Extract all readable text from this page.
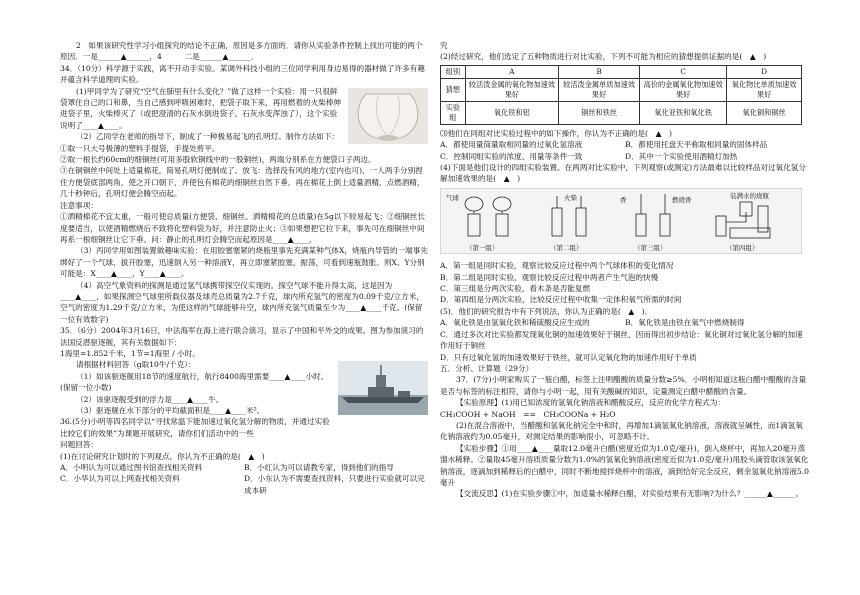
2　如果该研究性学习小组探究的结论不正确，原因是多方面的．请你从实验条件控制上找出可能的两个原因．一是______▲______，4　　　二是______▲______．

34．（10分）科学源于实践，离不开动手实验。某调外科技小组的三位同学利用身边易得的器材做了许多有趣并蕴含科学道理的实验。

(1)甲同学为了研究“空气在肺里有什么变化？”做了这样一个实验：用一只很鲜袋罩住自己的口和鼻，当自己感到呼吸困难时，把袋子取下来，再用燃着的火柴棒伸进袋子里，火柴棒灭了（或把澄清的石灰水倒进袋子，石灰水变浑浊了），这个实验说明了____▲____。

（2）乙同学在老师的指导下，制成了一种极易起飞的孔明灯。制作方法如下：

①取一只大号极薄的塑料手提袋，手提处剪平。

②取一根长约60cm的细铜丝(可用多股软铜线中的一股铜丝)，两端分别系在方便袋口子两边。

③在铜铜丝中间处上适量棉花，简易孔明灯便制成了。放飞：选择没有风的地方(室内也可)，一人两手分别捏住方便袋底部两角，使之开口朝下，并使包有棉花的细铜丝自然下垂。再在棉花上倒上适量酒精，点燃酒精，几十秒钟后，孔明灯便会腾空而起。

注意事项：

①洒精棉花不宜太重，一般可使总质量(方便袋、细铜丝、洒精棉花的总质量)在5g以下较易起飞；②细铜丝长度要适当，以使酒精燃烧后不致将化塑料袋为好，并注意防止火；③如果想把它拉下来，事先可在细铜丝中间再系一根细铜丝让它下垂。问：静止的孔明灯会腾空而起原因是____▲____，

（3）丙同学用如图装置做趣味实验：在用胶塞塞紧的烧瓶里事先充满某种气体X，烧瓶内导管的一端事先绑好了一个气球，拔开胶塞，迅速倒入另一种溶液Y，再立即塞紧胶塞，振荡，可看到速瓶鼓胀。则X、Y分别可能是：X____▲____，Y____▲____。

（4）高空气象资料的探测是通过氢气球携带探空仪实现的。探空气球不能升得太高，这是因为____▲____，如果探测空气球里所载仪器及球壳总质量为2.7千克，球内所充氢气的密度为0.09千克/立方米，空气的密度为1.29千克/立方米，为使这样的气球能够升空，球内所充氢气质量至少为____▲____千克。(保留一位有效数字)

35．（6分）2004年3月16日，中法海军在海上进行联合演习，显示了中国和平外交的成果。图为参加演习的法国反潜驱逐舰，其有关数据如下：

1海里=1.852千米，1节=1海里 / 小时。

请根据材料回答（g取10牛/千克）：

（1）如该驱逐舰用18节的速度航行，航行8400海里需要____▲____小时。(保留一位小数)

（2）该驱逐舰受到的浮力是____▲____牛。

（3）驱逐舰在水下部分的平均截面积是____▲____米²。

36.(5分)小明等四名同学以“寻找常温下能加速过氧化氢分解的物质，并通过实验比较它们的效果”为课题开展研究，请你们们活动中的一些

问题回答：

(1)在讨论研究计划时的下列观点，你认为不正确的是(　▲　)

A．小明认为可以通过图书馆查找相关资料	B．小红认为可以请教专家，得到他们的指导
C．小华认为可以上网查找相关资料	D．小东认为不需要查找资料，只要进行实验就可以完成本研

究

(2)经过研究，他们选定了五种物质进行对比实验，下列不可能为相应的猜想提供证据的是(　▲　)

组别	A	B	C	D
猜想	较活泼金属的氧化物加速效果好	较活泼金属单质加速效果好	高价的金属氧化物加速效果好	氧化物比单质加速效果好
实验组	氧化铁和铝	铜丝和铁丝	氧化亚铁和氧化铁	氧化铜和铜丝

⑶他们在同组对比实验过程中的如下操作，你认为不正确的是(　▲　)

A．都使用量筒量取相同量的过氧化氢溶液	B．都使用托盘天平称取相同量的固体样品
C．控制同组实验的浓度、用量等条件一致	D．其中一个实验使用酒精灯加热

(4)下面是他们设计的四组实验装置。在两两对比实验中，下列观察(或测定)方法最难以比较样品对过氧化氢分解加速效果的是(　▲　)

气球
（第一组）
火柴
（第二组）
香	燃烧香
（第三组）
装满水的烧瓶
（第四组）

A．第一组是同时实验，观察比较反应过程中两个气球体积的变化情况

B．第二组是同时实验，观察比较反应过程中两者产生气泡的快慢

C．第三组是分两次实验，看木条是否能复燃

D．第四组是分两次实验，比较反应过程中收集一定体积氧气所需的时间

(5)．他们的研究报告中有下列说法，你认为正确的是(　▲　)．

A．氧化铁是由氢氧化铁和稀硫酸反应生成的	B．氧化铁是由铁在氧气中燃烧制得

C．通过多次对比实验都发现氧化铜的加速效果好于铜丝，因而得出初步结论：氧化铜对过氧化氢分解的加速作用好于铜丝

D．只有过氧化氢的加速效果好于铁丝，就可认定氧化物的加速作用好于单质

五．分析、计算题（29分）

37．(7分)小明家购买了一瓶白醋，标签上注明醋酸的质量分数≥5%．小明相知道这瓶白醋中醋酸的含量是否与标签的标注相符，请你与小明一起，用有关酸碱的知识，定量测定白醋中醋酸的含量。

【实验原理】(1)用已知浓度的氢氧化钠溶液和醋酸反应，反应的化学方程式为：

CH₃COOH + NaOH　==　CH₃COONa + H₂O

(2)在混合溶液中，当醋酸和氢氧化钠完全中和时，再增加1滴氢氧化钠溶液，溶液就呈碱性，而1滴氢氧化钠溶液约为0.05毫升，对测定结果的影响很小，可忽略不计。

【实验步骤】①用____▲____量取12.0毫升白醋(密度近似为1.0克/毫升)，倒入烧杯中，再加入20毫升蒸馏水稀释。②量取45毫升溶质质量分数为1.0%的氢氧化钠溶液(密度近似为1.0克/毫升)用胶头滴管取该氢氧化钠溶液，逐滴加到稀释后的白醋中，同时不断地搅拌烧杯中的溶液，滴到恰好完全反应，剩余氢氧化钠溶液5.0毫升

【交流反思】(1)在实验步骤①中，加适量水稀释白醋，对实验结果有无影响?为什么？______▲______。
